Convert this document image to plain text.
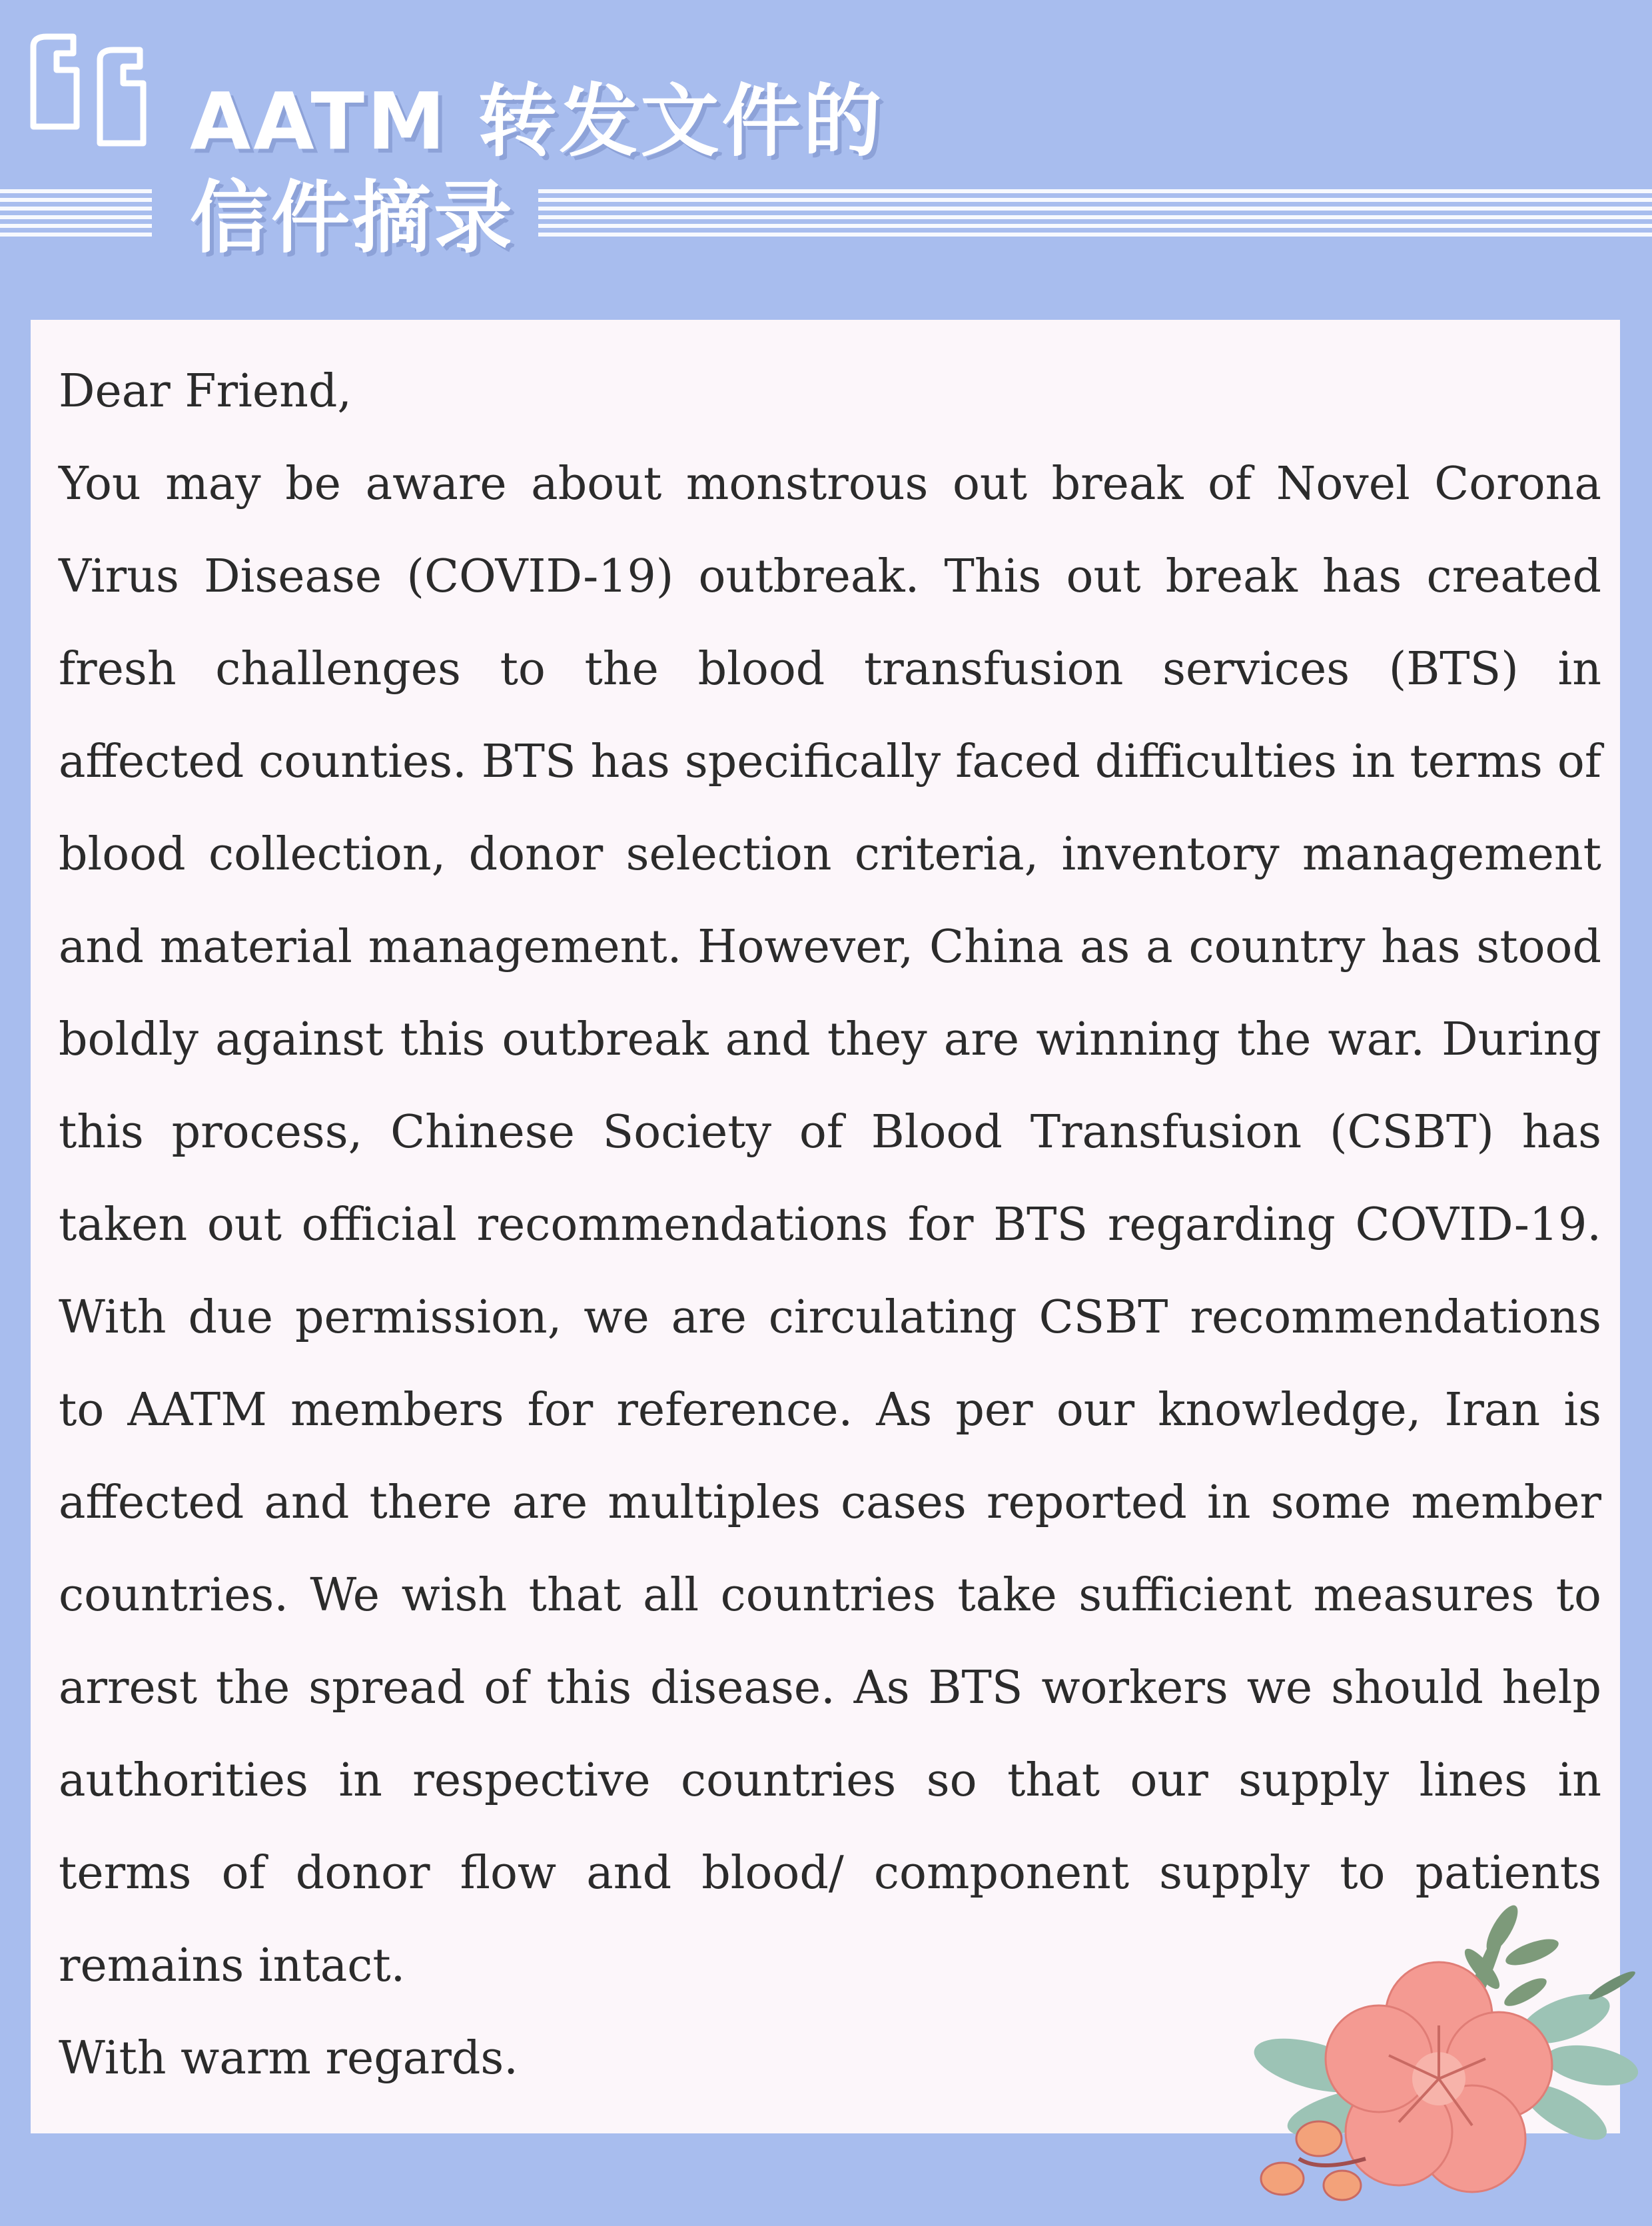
AATM 转发文件的
信件摘录

Dear Friend,

You may be aware about monstrous out break of Novel Corona Virus Disease (COVID-19) outbreak. This out break has created fresh challenges to the blood transfusion services (BTS) in affected counties. BTS has specifically faced difficulties in terms of blood collection, donor selection criteria, inventory management and material management. However, China as a country has stood boldly against this outbreak and they are winning the war. During this process, Chinese Society of Blood Transfusion (CSBT) has taken out official recommendations for BTS regarding COVID-19. With due permission, we are circulating CSBT recommendations to AATM members for reference. As per our knowledge, Iran is affected and there are multiples cases reported in some member countries. We wish that all countries take sufficient measures to arrest the spread of this disease. As BTS workers we should help authorities in respective countries so that our supply lines in terms of donor flow and blood/ component supply to patients remains intact.

With warm regards.
